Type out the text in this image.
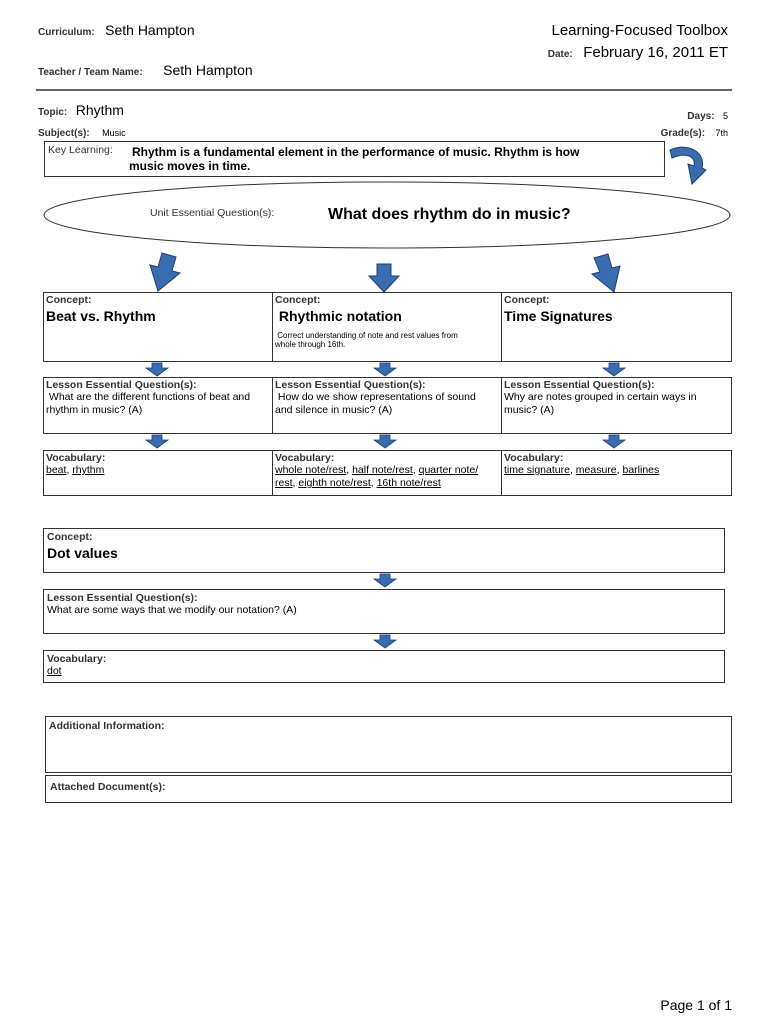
Curriculum: Seth Hampton
Teacher / Team Name: Seth Hampton
Learning-Focused Toolbox
Date: February 16, 2011 ET
Topic: Rhythm
Subject(s): Music
Days: 5
Grade(s): 7th
Key Learning: Rhythm is a fundamental element in the performance of music. Rhythm is how
music moves in time.
Unit Essential Question(s):	What does rhythm do in music?
Concept:
Beat vs. Rhythm
Concept:
Rhythmic notation
Correct understanding of note and rest values from
whole through 16th.
Concept:
Time Signatures
Lesson Essential Question(s):
What are the different functions of beat and
rhythm in music? (A)
Lesson Essential Question(s):
How do we show representations of sound
and silence in music? (A)
Lesson Essential Question(s):
Why are notes grouped in certain ways in
music? (A)
Vocabulary:
beat, rhythm
Vocabulary:
whole note/rest, half note/rest, quarter note/
rest, eighth note/rest, 16th note/rest
Vocabulary:
time signature, measure, barlines
Concept:
Dot values
Lesson Essential Question(s):
What are some ways that we modify our notation? (A)
Vocabulary:
dot
Additional Information:
Attached Document(s):
Page 1 of 1
